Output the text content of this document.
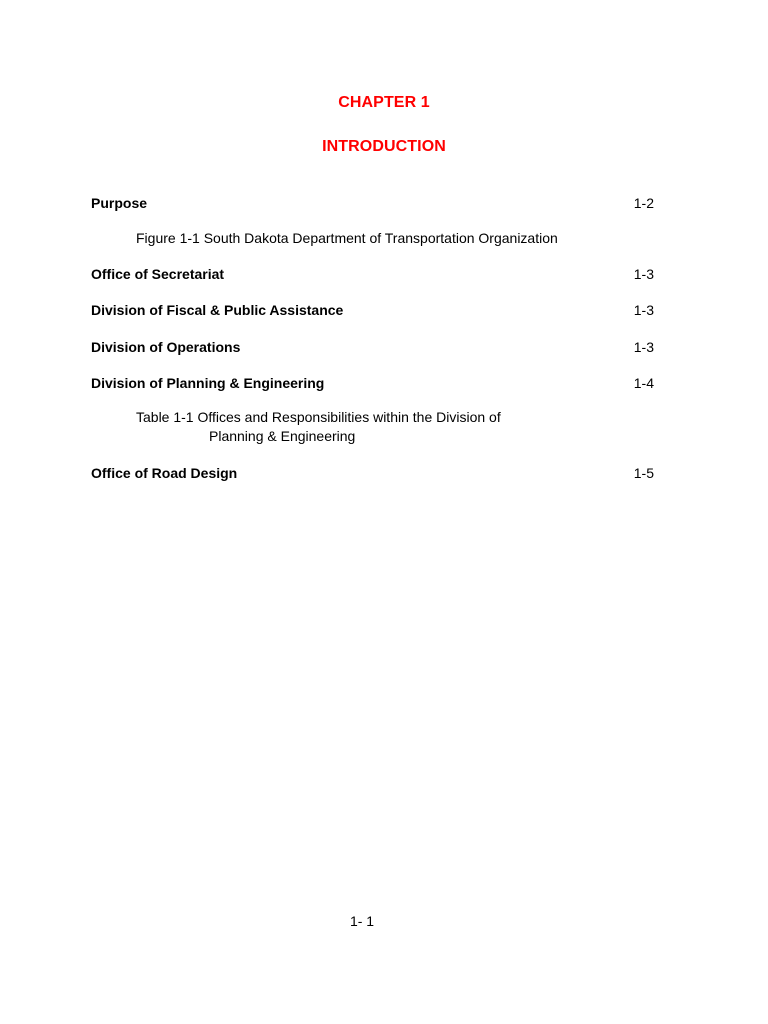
CHAPTER 1
INTRODUCTION
Purpose	1-2
Figure 1-1 South Dakota Department of Transportation Organization
Office of Secretariat	1-3
Division of Fiscal & Public Assistance	1-3
Division of Operations	1-3
Division of Planning & Engineering	1-4
Table 1-1 Offices and Responsibilities within the Division of
Planning & Engineering
Office of Road Design	1-5
1- 1
